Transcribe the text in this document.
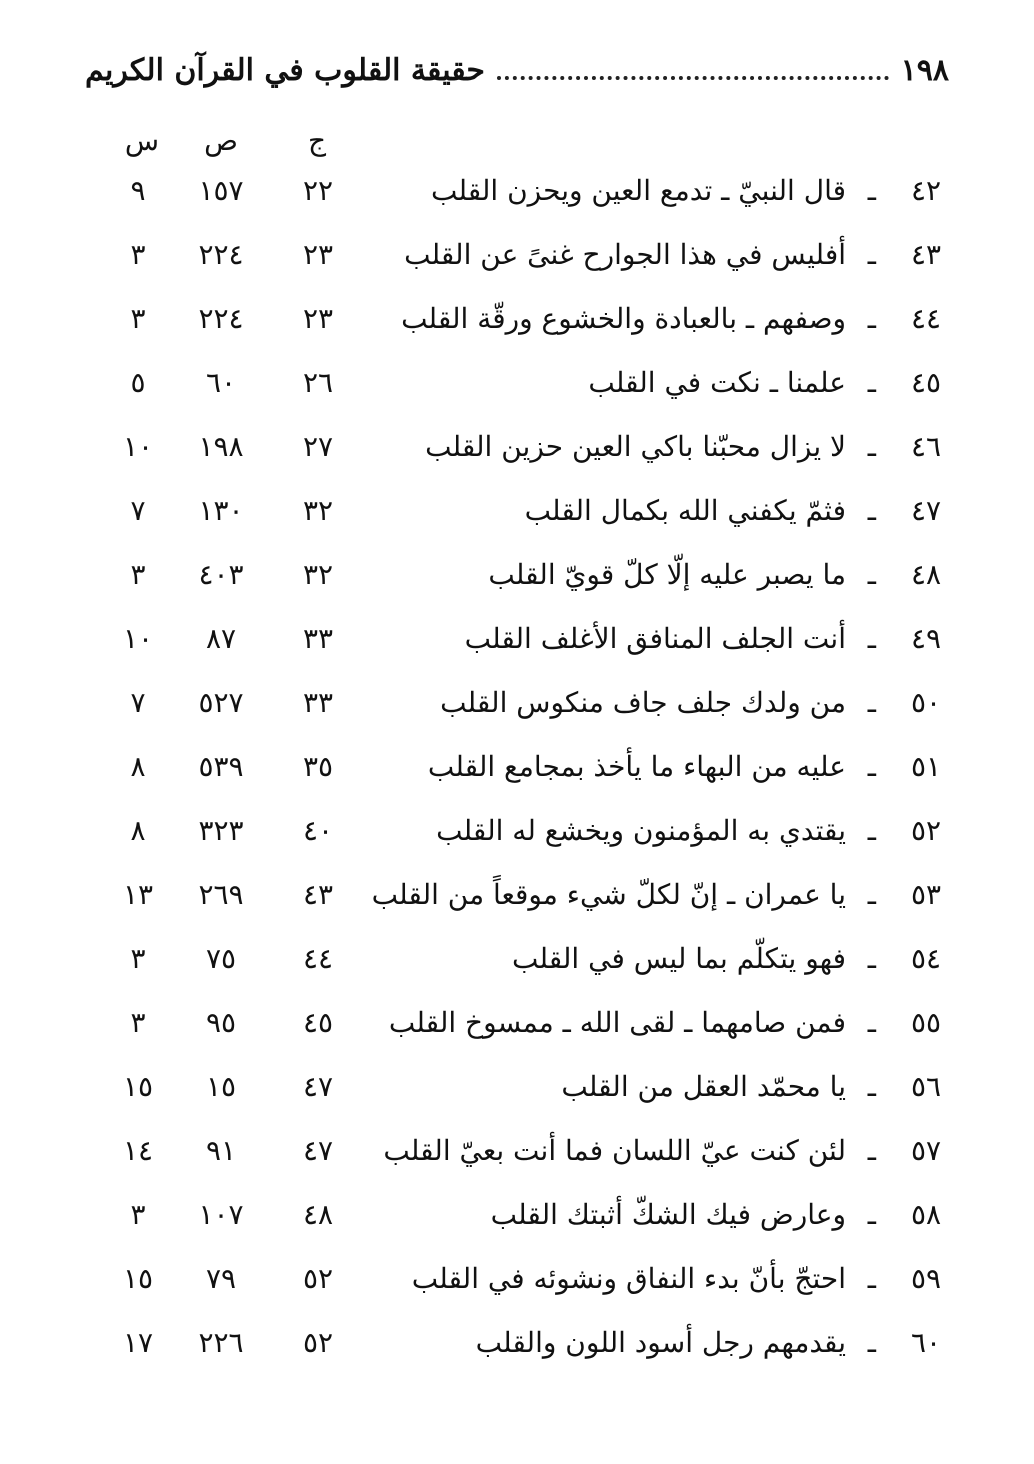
١٩٨
حقيقة القلوب في القرآن الكريم
ج
ص
س
٤٢
ـ
قال النبيّ ـ تدمع العين ويحزن القلب
٢٢
١٥٧
٩
٤٣
ـ
أفليس في هذا الجوارح غنىً عن القلب
٢٣
٢٢٤
٣
٤٤
ـ
وصفهم ـ بالعبادة والخشوع ورقّة القلب
٢٣
٢٢٤
٣
٤٥
ـ
علمنا ـ نكت في القلب
٢٦
٦٠
٥
٤٦
ـ
لا يزال محبّنا باكي العين حزين القلب
٢٧
١٩٨
١٠
٤٧
ـ
فثمّ يكفني الله بكمال القلب
٣٢
١٣٠
٧
٤٨
ـ
ما يصبر عليه إلّا كلّ قويّ القلب
٣٢
٤٠٣
٣
٤٩
ـ
أنت الجلف المنافق الأغلف القلب
٣٣
٨٧
١٠
٥٠
ـ
من ولدك جلف جاف منكوس القلب
٣٣
٥٢٧
٧
٥١
ـ
عليه من البهاء ما يأخذ بمجامع القلب
٣٥
٥٣٩
٨
٥٢
ـ
يقتدي به المؤمنون ويخشع له القلب
٤٠
٣٢٣
٨
٥٣
ـ
يا عمران ـ إنّ لكلّ شيء موقعاً من القلب
٤٣
٢٦٩
١٣
٥٤
ـ
فهو يتكلّم بما ليس في القلب
٤٤
٧٥
٣
٥٥
ـ
فمن صامهما ـ لقى الله ـ ممسوخ القلب
٤٥
٩٥
٣
٥٦
ـ
يا محمّد العقل من القلب
٤٧
١٥
١٥
٥٧
ـ
لئن كنت عيّ اللسان فما أنت بعيّ القلب
٤٧
٩١
١٤
٥٨
ـ
وعارض فيك الشكّ أثبتك القلب
٤٨
١٠٧
٣
٥٩
ـ
احتجّ بأنّ بدء النفاق ونشوئه في القلب
٥٢
٧٩
١٥
٦٠
ـ
يقدمهم رجل أسود اللون والقلب
٥٢
٢٢٦
١٧
